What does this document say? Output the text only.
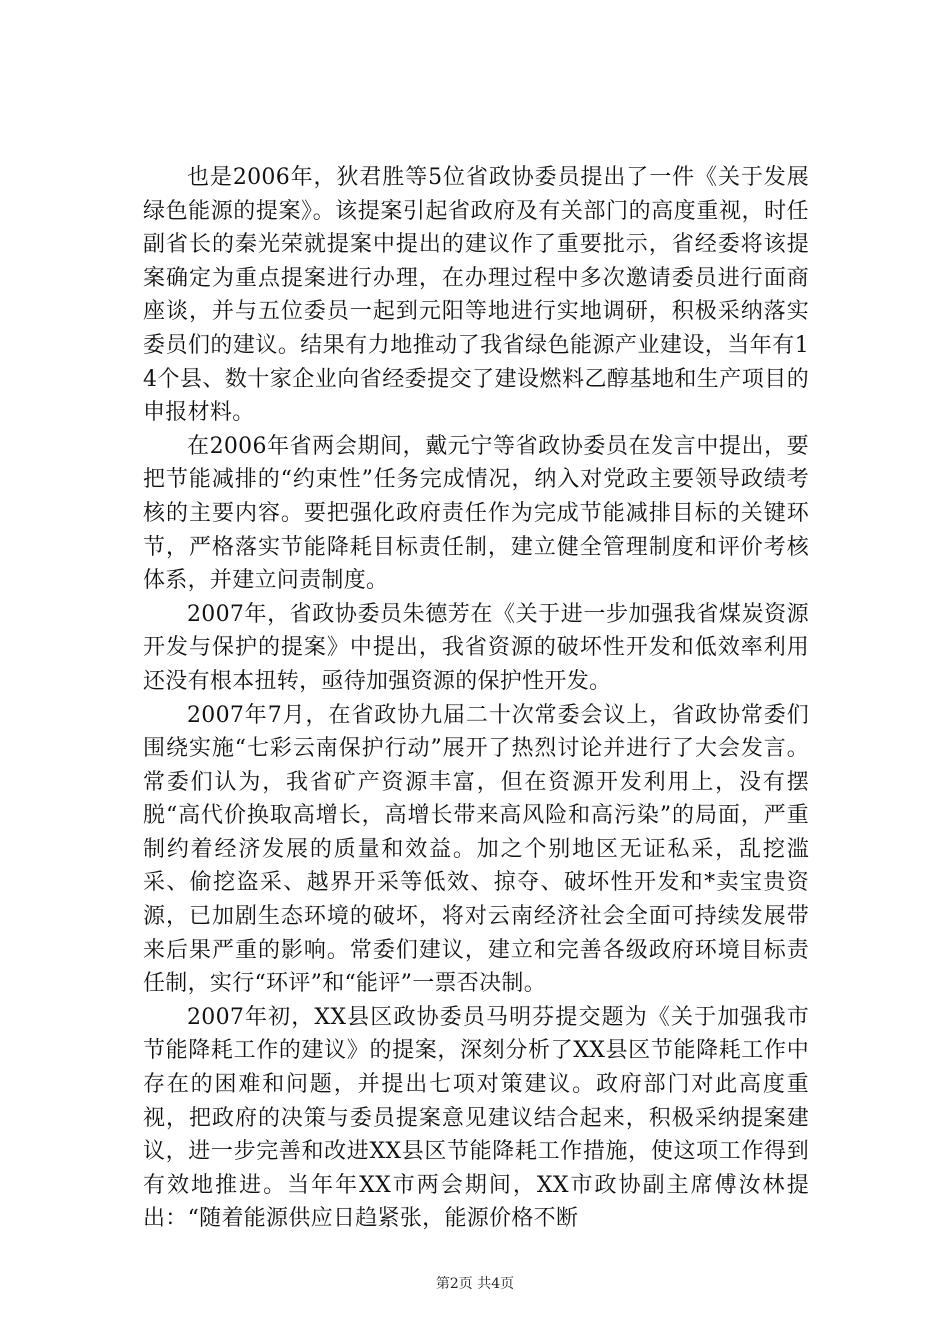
也是2006年，狄君胜等5位省政协委员提出了一件《关于发展绿色能源的提案》。该提案引起省政府及有关部门的高度重视，时任副省长的秦光荣就提案中提出的建议作了重要批示，省经委将该提案确定为重点提案进行办理，在办理过程中多次邀请委员进行面商座谈，并与五位委员一起到元阳等地进行实地调研，积极采纳落实委员们的建议。结果有力地推动了我省绿色能源产业建设，当年有14个县、数十家企业向省经委提交了建设燃料乙醇基地和生产项目的申报材料。

在2006年省两会期间，戴元宁等省政协委员在发言中提出，要把节能减排的“约束性”任务完成情况，纳入对党政主要领导政绩考核的主要内容。要把强化政府责任作为完成节能减排目标的关键环节，严格落实节能降耗目标责任制，建立健全管理制度和评价考核体系，并建立问责制度。

2007年，省政协委员朱德芳在《关于进一步加强我省煤炭资源开发与保护的提案》中提出，我省资源的破坏性开发和低效率利用还没有根本扭转，亟待加强资源的保护性开发。

2007年7月，在省政协九届二十次常委会议上，省政协常委们围绕实施“七彩云南保护行动”展开了热烈讨论并进行了大会发言。常委们认为，我省矿产资源丰富，但在资源开发利用上，没有摆脱“高代价换取高增长，高增长带来高风险和高污染”的局面，严重制约着经济发展的质量和效益。加之个别地区无证私采，乱挖滥采、偷挖盗采、越界开采等低效、掠夺、破坏性开发和*卖宝贵资源，已加剧生态环境的破坏，将对云南经济社会全面可持续发展带来后果严重的影响。常委们建议，建立和完善各级政府环境目标责任制，实行“环评”和“能评”一票否决制。

2007年初，XX县区政协委员马明芬提交题为《关于加强我市节能降耗工作的建议》的提案，深刻分析了XX县区节能降耗工作中存在的困难和问题，并提出七项对策建议。政府部门对此高度重视，把政府的决策与委员提案意见建议结合起来，积极采纳提案建议，进一步完善和改进XX县区节能降耗工作措施，使这项工作得到有效地推进。当年年XX市两会期间，XX市政协副主席傅汝林提出：“随着能源供应日趋紧张，能源价格不断

第2页 共4页
